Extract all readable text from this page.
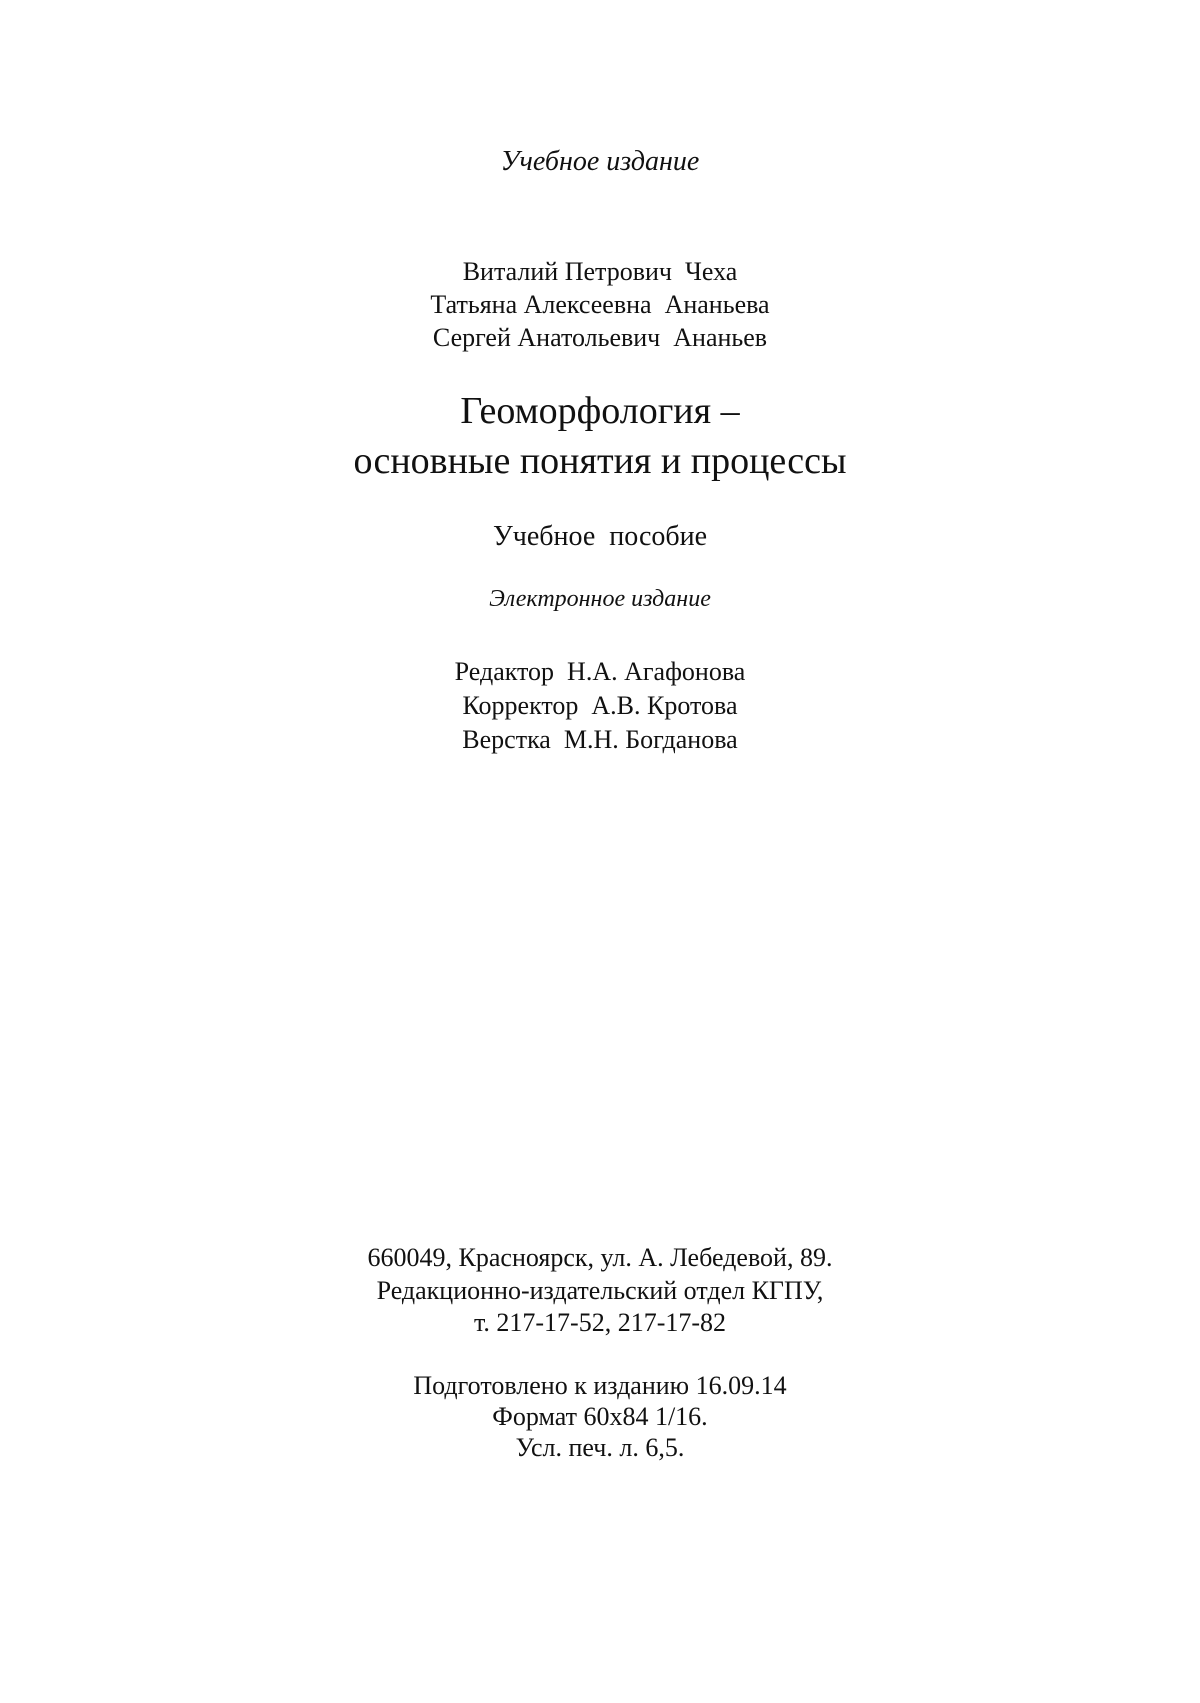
Учебное издание
Виталий Петрович  Чеха
Татьяна Алексеевна  Ананьева
Сергей Анатольевич  Ананьев
Геоморфология –
основные понятия и процессы
Учебное  пособие
Электронное издание
Редактор  Н.А. Агафонова
Корректор  А.В. Кротова
Верстка  М.Н. Богданова
660049, Красноярск, ул. А. Лебедевой, 89.
Редакционно-издательский отдел КГПУ,
т. 217-17-52, 217-17-82
Подготовлено к изданию 16.09.14
Формат 60х84 1/16.
Усл. печ. л. 6,5.
